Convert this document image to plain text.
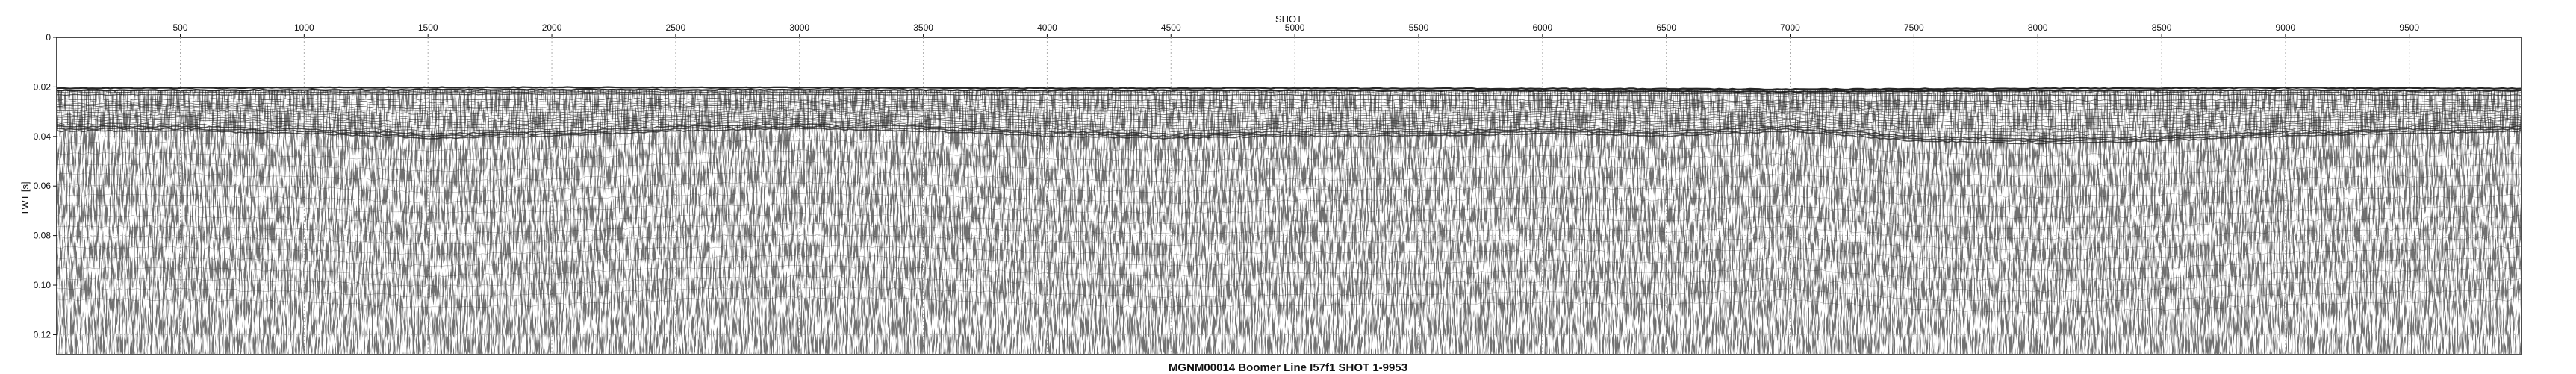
500	1000	1500	2000	2500	3000	3500	4000	4500	5000	5500	6000	6500	7000	7500	8000	8500	9000	9500
0
0.02
0.04
0.06
0.08
0.10
0.12
SHOT
TWT [s]
MGNM00014 Boomer Line I57f1 SHOT 1-9953
